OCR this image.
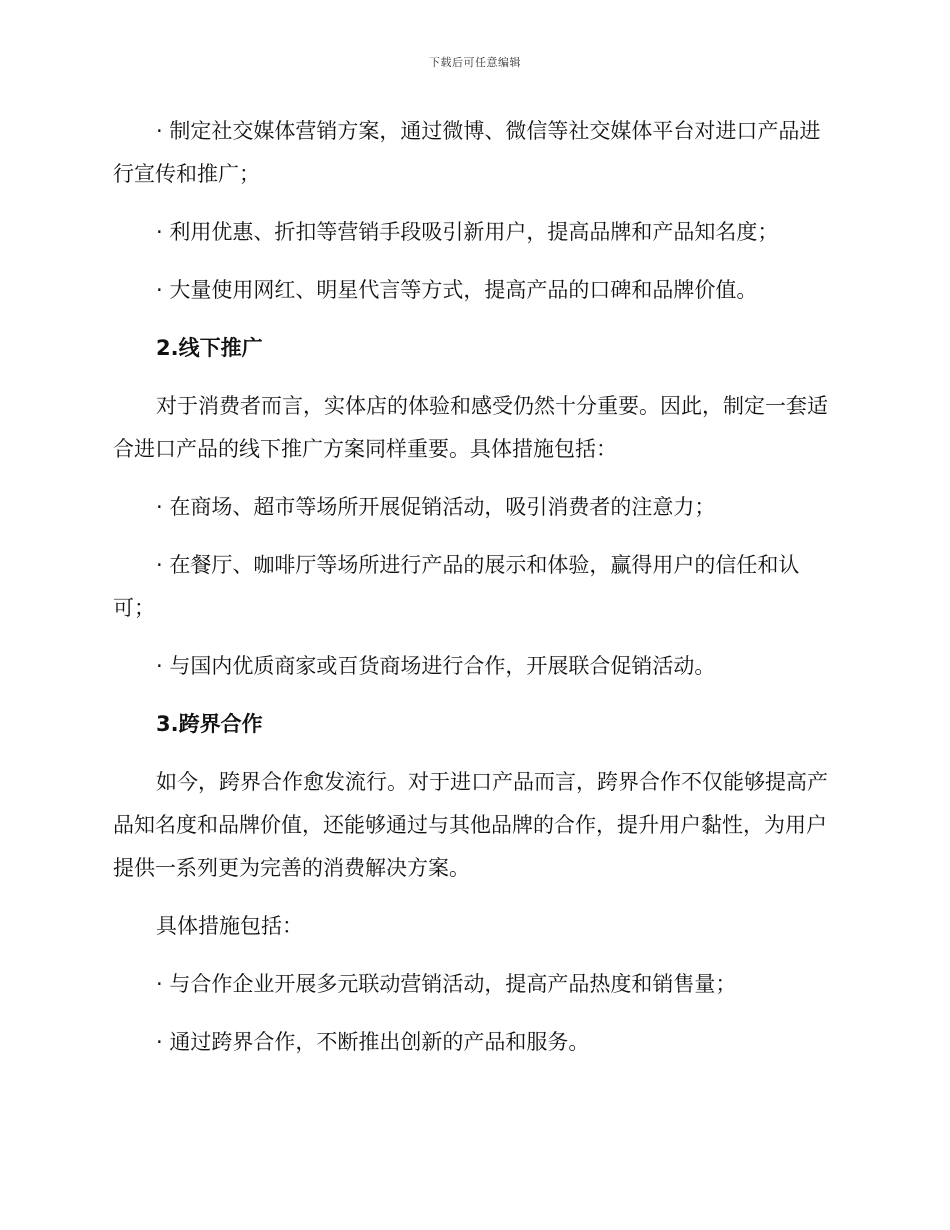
下载后可任意编辑

· 制定社交媒体营销方案，通过微博、微信等社交媒体平台对进口产品进行宣传和推广；

· 利用优惠、折扣等营销手段吸引新用户，提高品牌和产品知名度；

· 大量使用网红、明星代言等方式，提高产品的口碑和品牌价值。

2.线下推广

对于消费者而言，实体店的体验和感受仍然十分重要。因此，制定一套适合进口产品的线下推广方案同样重要。具体措施包括：

· 在商场、超市等场所开展促销活动，吸引消费者的注意力；

· 在餐厅、咖啡厅等场所进行产品的展示和体验，赢得用户的信任和认可；

· 与国内优质商家或百货商场进行合作，开展联合促销活动。

3.跨界合作

如今，跨界合作愈发流行。对于进口产品而言，跨界合作不仅能够提高产品知名度和品牌价值，还能够通过与其他品牌的合作，提升用户黏性，为用户提供一系列更为完善的消费解决方案。

具体措施包括：

· 与合作企业开展多元联动营销活动，提高产品热度和销售量；

· 通过跨界合作，不断推出创新的产品和服务。
